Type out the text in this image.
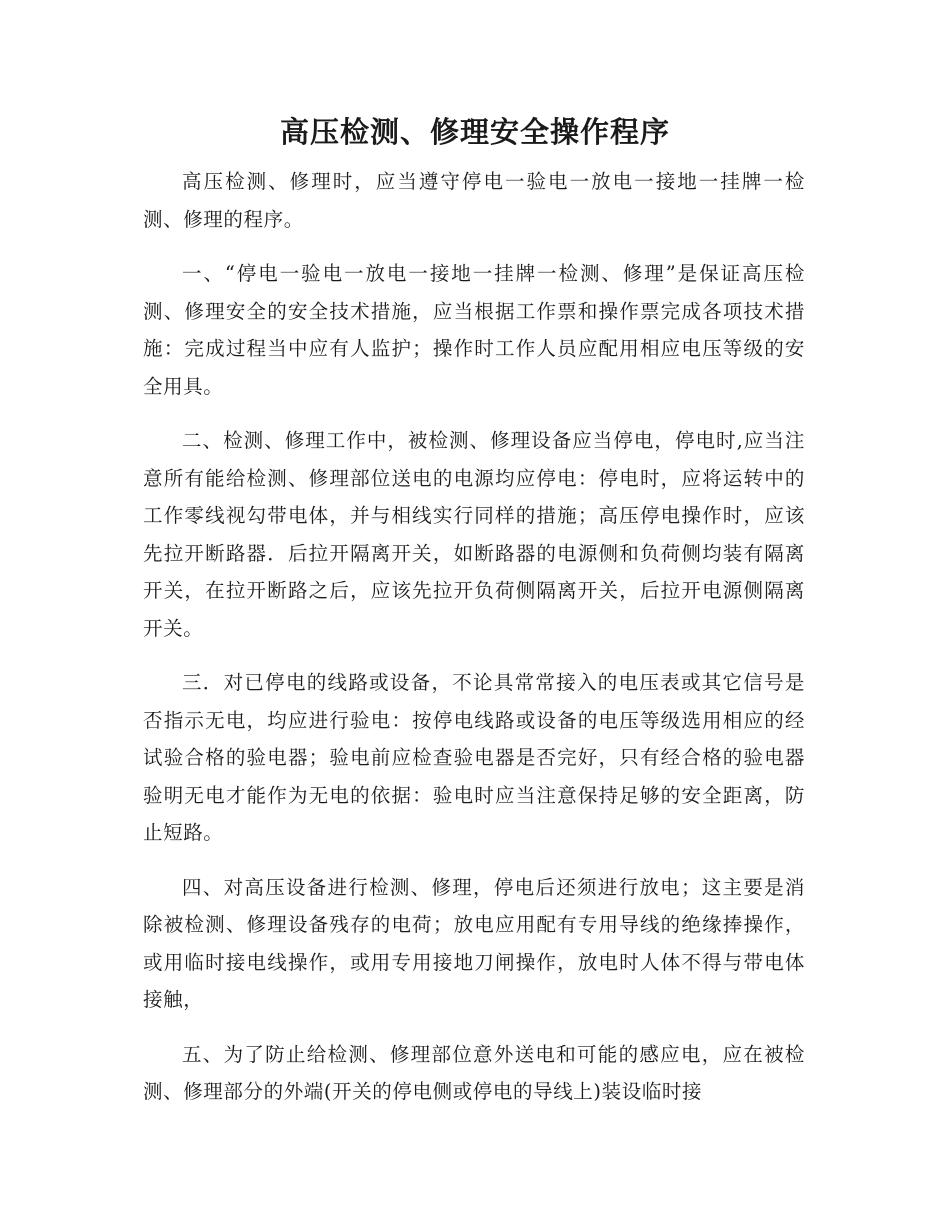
高压检测、修理安全操作程序

高压检测、修理时，应当遵守停电一验电一放电一接地一挂牌一检测、修理的程序。

一、“停电一验电一放电一接地一挂牌一检测、修理”是保证高压检测、修理安全的安全技术措施，应当根据工作票和操作票完成各项技术措施：完成过程当中应有人监护；操作时工作人员应配用相应电压等级的安全用具。

二、检测、修理工作中，被检测、修理设备应当停电，停电时,应当注意所有能给检测、修理部位送电的电源均应停电：停电时，应将运转中的工作零线视勾带电体，并与相线实行同样的措施；高压停电操作时，应该先拉开断路器．后拉开隔离开关，如断路器的电源侧和负荷侧均装有隔离开关，在拉开断路之后，应该先拉开负荷侧隔离开关，后拉开电源侧隔离开关。

三．对已停电的线路或设备，不论具常常接入的电压表或其它信号是否指示无电，均应进行验电：按停电线路或设备的电压等级选用相应的经试验合格的验电器；验电前应检查验电器是否完好，只有经合格的验电器验明无电才能作为无电的依据：验电时应当注意保持足够的安全距离，防止短路。

四、对高压设备进行检测、修理，停电后还须进行放电；这主要是消除被检测、修理设备残存的电荷；放电应用配有专用导线的绝缘捧操作，或用临时接电线操作，或用专用接地刀闸操作，放电时人体不得与带电体接触，

五、为了防止给检测、修理部位意外送电和可能的感应电，应在被检测、修理部分的外端(开关的停电侧或停电的导线上)装设临时接
